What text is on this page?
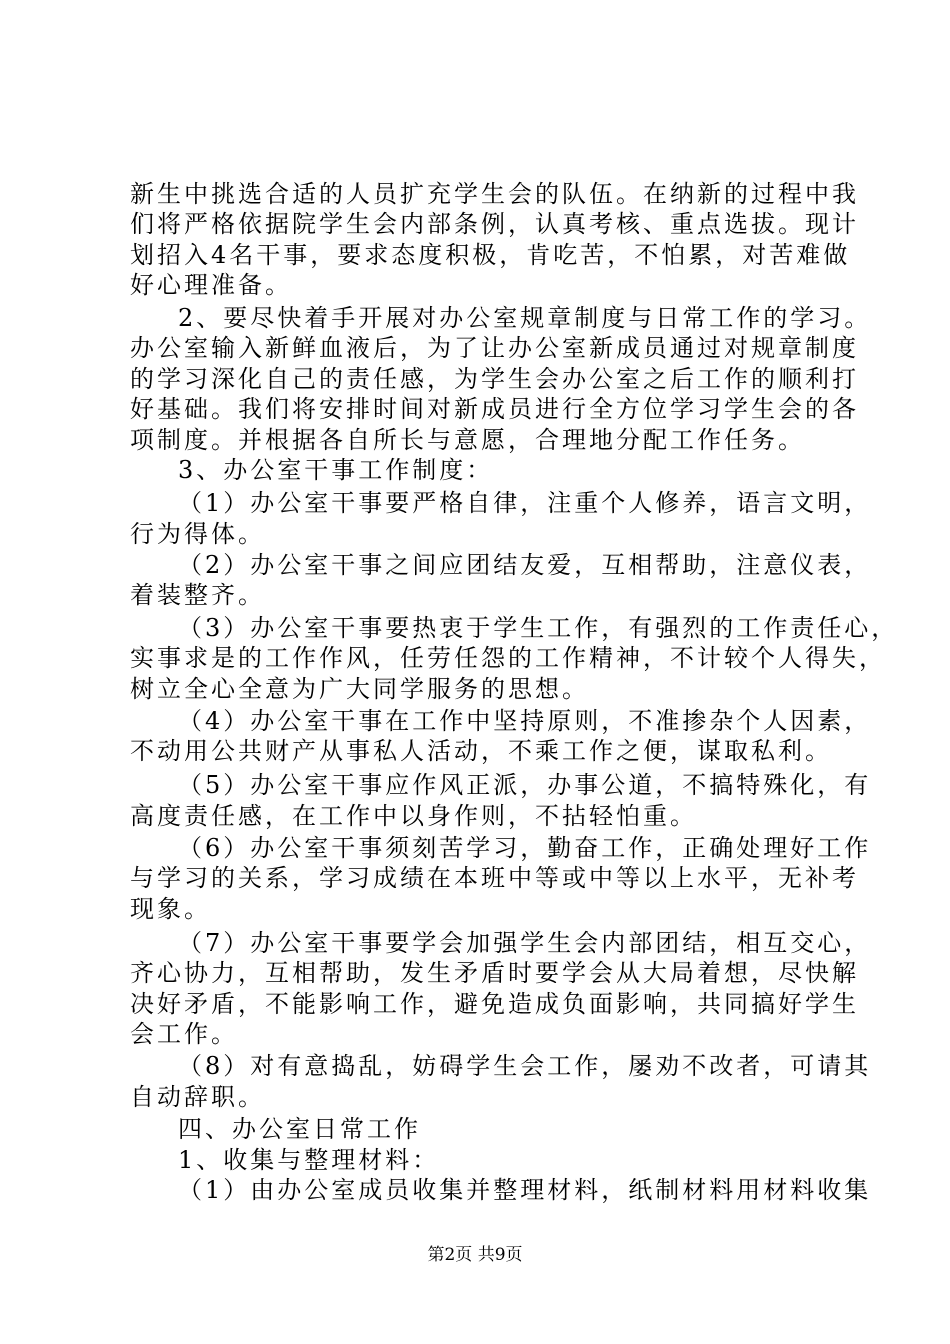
新生中挑选合适的人员扩充学生会的队伍。在纳新的过程中我
们将严格依据院学生会内部条例，认真考核、重点选拔。现计
划招入4名干事，要求态度积极，肯吃苦，不怕累，对苦难做
好心理准备。
2、要尽快着手开展对办公室规章制度与日常工作的学习。
办公室输入新鲜血液后，为了让办公室新成员通过对规章制度
的学习深化自己的责任感，为学生会办公室之后工作的顺利打
好基础。我们将安排时间对新成员进行全方位学习学生会的各
项制度。并根据各自所长与意愿，合理地分配工作任务。
3、办公室干事工作制度：
（1）办公室干事要严格自律，注重个人修养，语言文明，
行为得体。
（2）办公室干事之间应团结友爱，互相帮助，注意仪表，
着装整齐。
（3）办公室干事要热衷于学生工作，有强烈的工作责任心，
实事求是的工作作风，任劳任怨的工作精神，不计较个人得失，
树立全心全意为广大同学服务的思想。
（4）办公室干事在工作中坚持原则，不准掺杂个人因素，
不动用公共财产从事私人活动，不乘工作之便，谋取私利。
（5）办公室干事应作风正派，办事公道，不搞特殊化，有
高度责任感，在工作中以身作则，不拈轻怕重。
（6）办公室干事须刻苦学习，勤奋工作，正确处理好工作
与学习的关系，学习成绩在本班中等或中等以上水平，无补考
现象。
（7）办公室干事要学会加强学生会内部团结，相互交心，
齐心协力，互相帮助，发生矛盾时要学会从大局着想，尽快解
决好矛盾，不能影响工作，避免造成负面影响，共同搞好学生
会工作。
（8）对有意捣乱，妨碍学生会工作，屡劝不改者，可请其
自动辞职。
四、办公室日常工作
1、收集与整理材料：
（1）由办公室成员收集并整理材料，纸制材料用材料收集
第2页 共9页
